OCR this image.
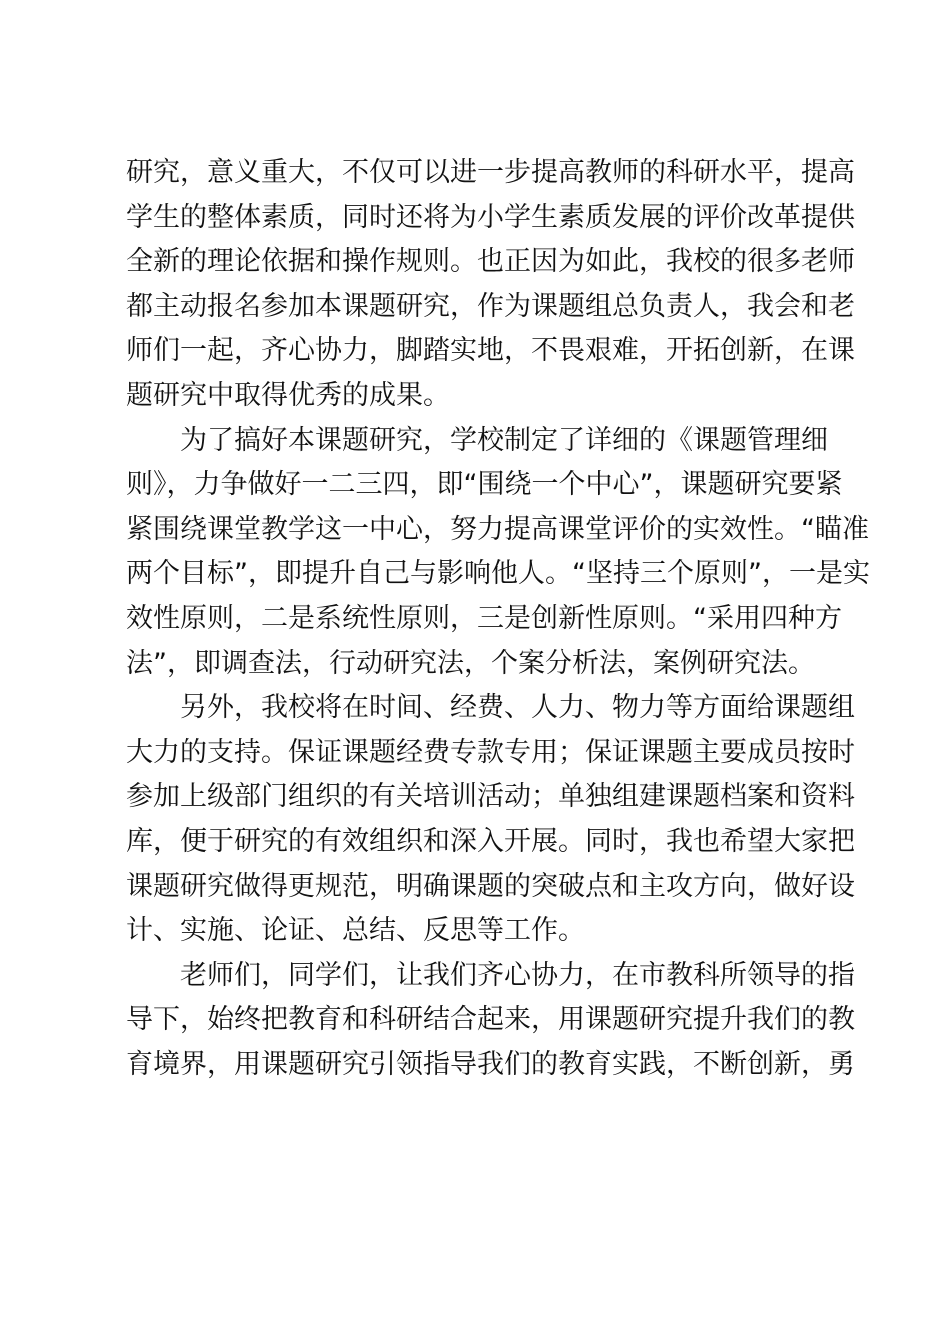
研究，意义重大，不仅可以进一步提高教师的科研水平，提高
学生的整体素质，同时还将为小学生素质发展的评价改革提供
全新的理论依据和操作规则。也正因为如此，我校的很多老师
都主动报名参加本课题研究，作为课题组总负责人，我会和老
师们一起，齐心协力，脚踏实地，不畏艰难，开拓创新，在课
题研究中取得优秀的成果。
为了搞好本课题研究，学校制定了详细的《课题管理细
则》，力争做好一二三四，即“围绕一个中心”，课题研究要紧
紧围绕课堂教学这一中心，努力提高课堂评价的实效性。“瞄准
两个目标”，即提升自己与影响他人。“坚持三个原则”，一是实
效性原则，二是系统性原则，三是创新性原则。“采用四种方
法”，即调查法，行动研究法，个案分析法，案例研究法。
另外，我校将在时间、经费、人力、物力等方面给课题组
大力的支持。保证课题经费专款专用；保证课题主要成员按时
参加上级部门组织的有关培训活动；单独组建课题档案和资料
库，便于研究的有效组织和深入开展。同时，我也希望大家把
课题研究做得更规范，明确课题的突破点和主攻方向，做好设
计、实施、论证、总结、反思等工作。
老师们，同学们，让我们齐心协力，在市教科所领导的指
导下，始终把教育和科研结合起来，用课题研究提升我们的教
育境界，用课题研究引领指导我们的教育实践，不断创新，勇
